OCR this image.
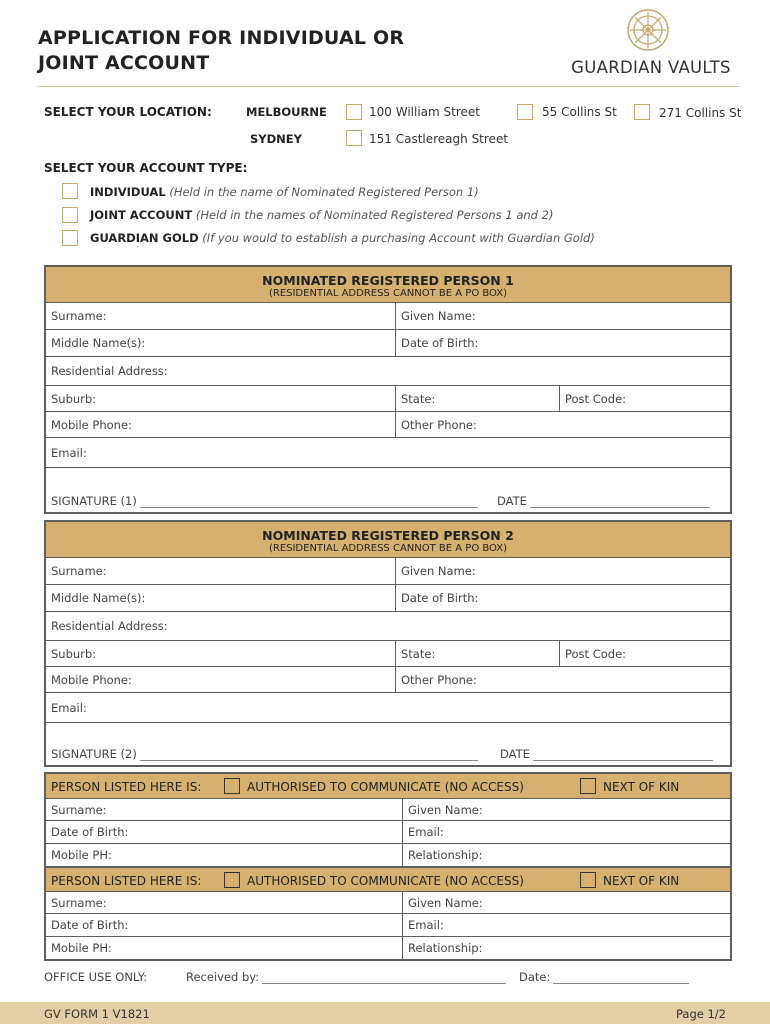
APPLICATION FOR INDIVIDUAL OR
JOINT ACCOUNT	GUARDIAN VAULTS
SELECT YOUR LOCATION:	MELBOURNE
SYDNEY
100 William Street	55 Collins St	271 Collins St
151 Castlereagh Street
SELECT YOUR ACCOUNT TYPE:
INDIVIDUAL (Held in the name of Nominated Registered Person 1)
JOINT ACCOUNT (Held in the names of Nominated Registered Persons 1 and 2)
GUARDIAN GOLD (If you would to establish a purchasing Account with Guardian Gold)
NOMINATED REGISTERED PERSON 1
(RESIDENTIAL ADDRESS CANNOT BE A PO BOX)
Surname:	Given Name:
Middle Name(s):	Date of Birth:
Residential Address:
Suburb:	State:	Post Code:
Mobile Phone:	Other Phone:
Email:
SIGNATURE (1)	DATE
NOMINATED REGISTERED PERSON 2
(RESIDENTIAL ADDRESS CANNOT BE A PO BOX)
Surname:	Given Name:
Middle Name(s):	Date of Birth:
Residential Address:
Suburb:	State:	Post Code:
Mobile Phone:	Other Phone:
Email:
SIGNATURE (2)	DATE
PERSON LISTED HERE IS:	AUTHORISED TO COMMUNICATE (NO ACCESS)	NEXT OF KIN
Surname:	Given Name:
Date of Birth:	Email:
Mobile PH:	Relationship:
PERSON LISTED HERE IS:	AUTHORISED TO COMMUNICATE (NO ACCESS)	NEXT OF KIN
Surname:	Given Name:
Date of Birth:	Email:
Mobile PH:	Relationship:
OFFICE USE ONLY:	Received by:	Date:
GV FORM 1 V1821	Page 1/2
